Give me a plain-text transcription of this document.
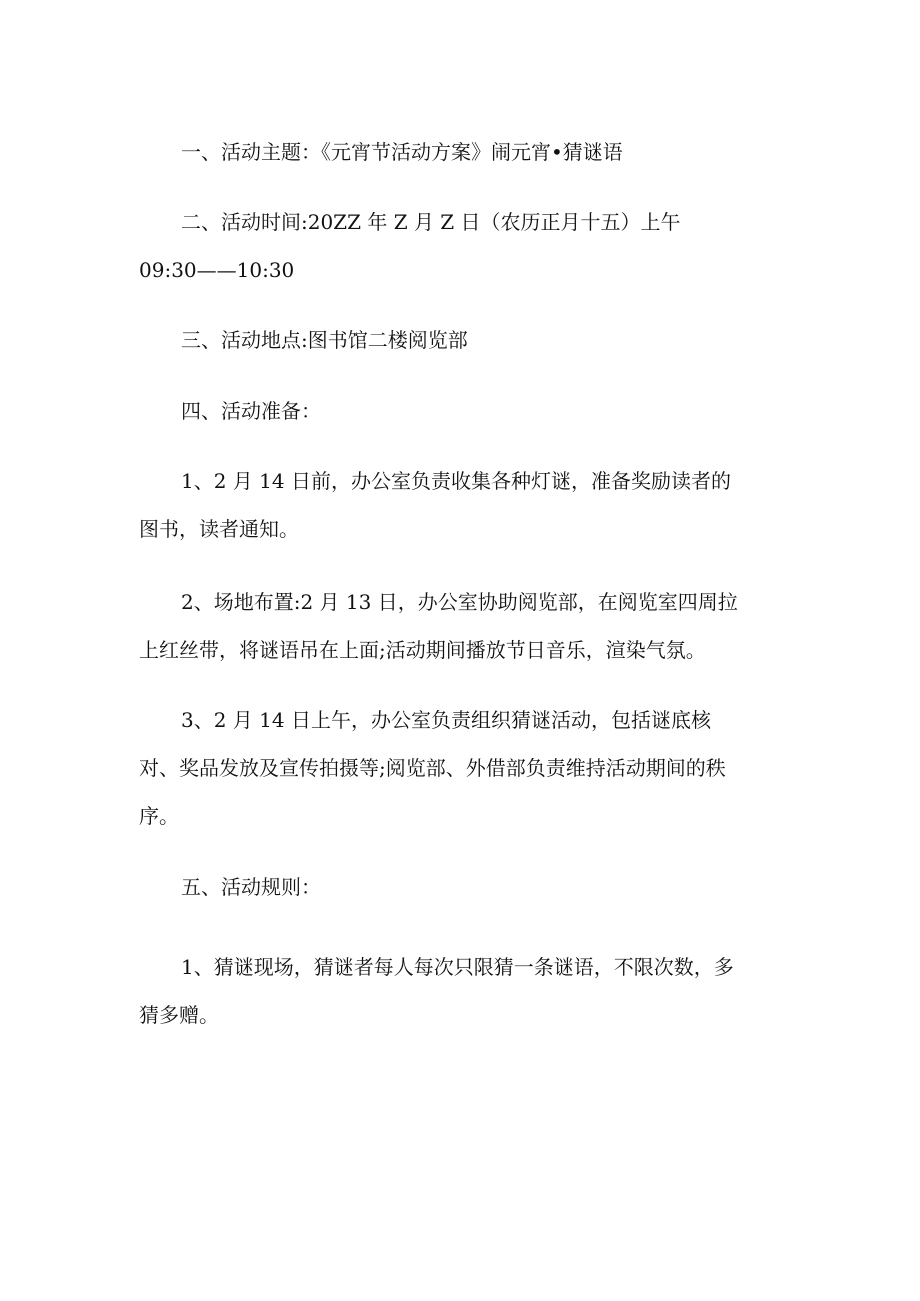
一、活动主题：《元宵节活动方案》闹元宵•猜谜语

二、活动时间:20ZZ 年 Z 月 Z 日（农历正月十五）上午
09:30——10:30

三、活动地点:图书馆二楼阅览部

四、活动准备：

1、2 月 14 日前，办公室负责收集各种灯谜，准备奖励读者的
图书，读者通知。

2、场地布置:2 月 13 日，办公室协助阅览部，在阅览室四周拉
上红丝带，将谜语吊在上面;活动期间播放节日音乐，渲染气氛。

3、2 月 14 日上午，办公室负责组织猜谜活动，包括谜底核
对、奖品发放及宣传拍摄等;阅览部、外借部负责维持活动期间的秩
序。

五、活动规则：

1、猜谜现场，猜谜者每人每次只限猜一条谜语，不限次数，多
猜多赠。
